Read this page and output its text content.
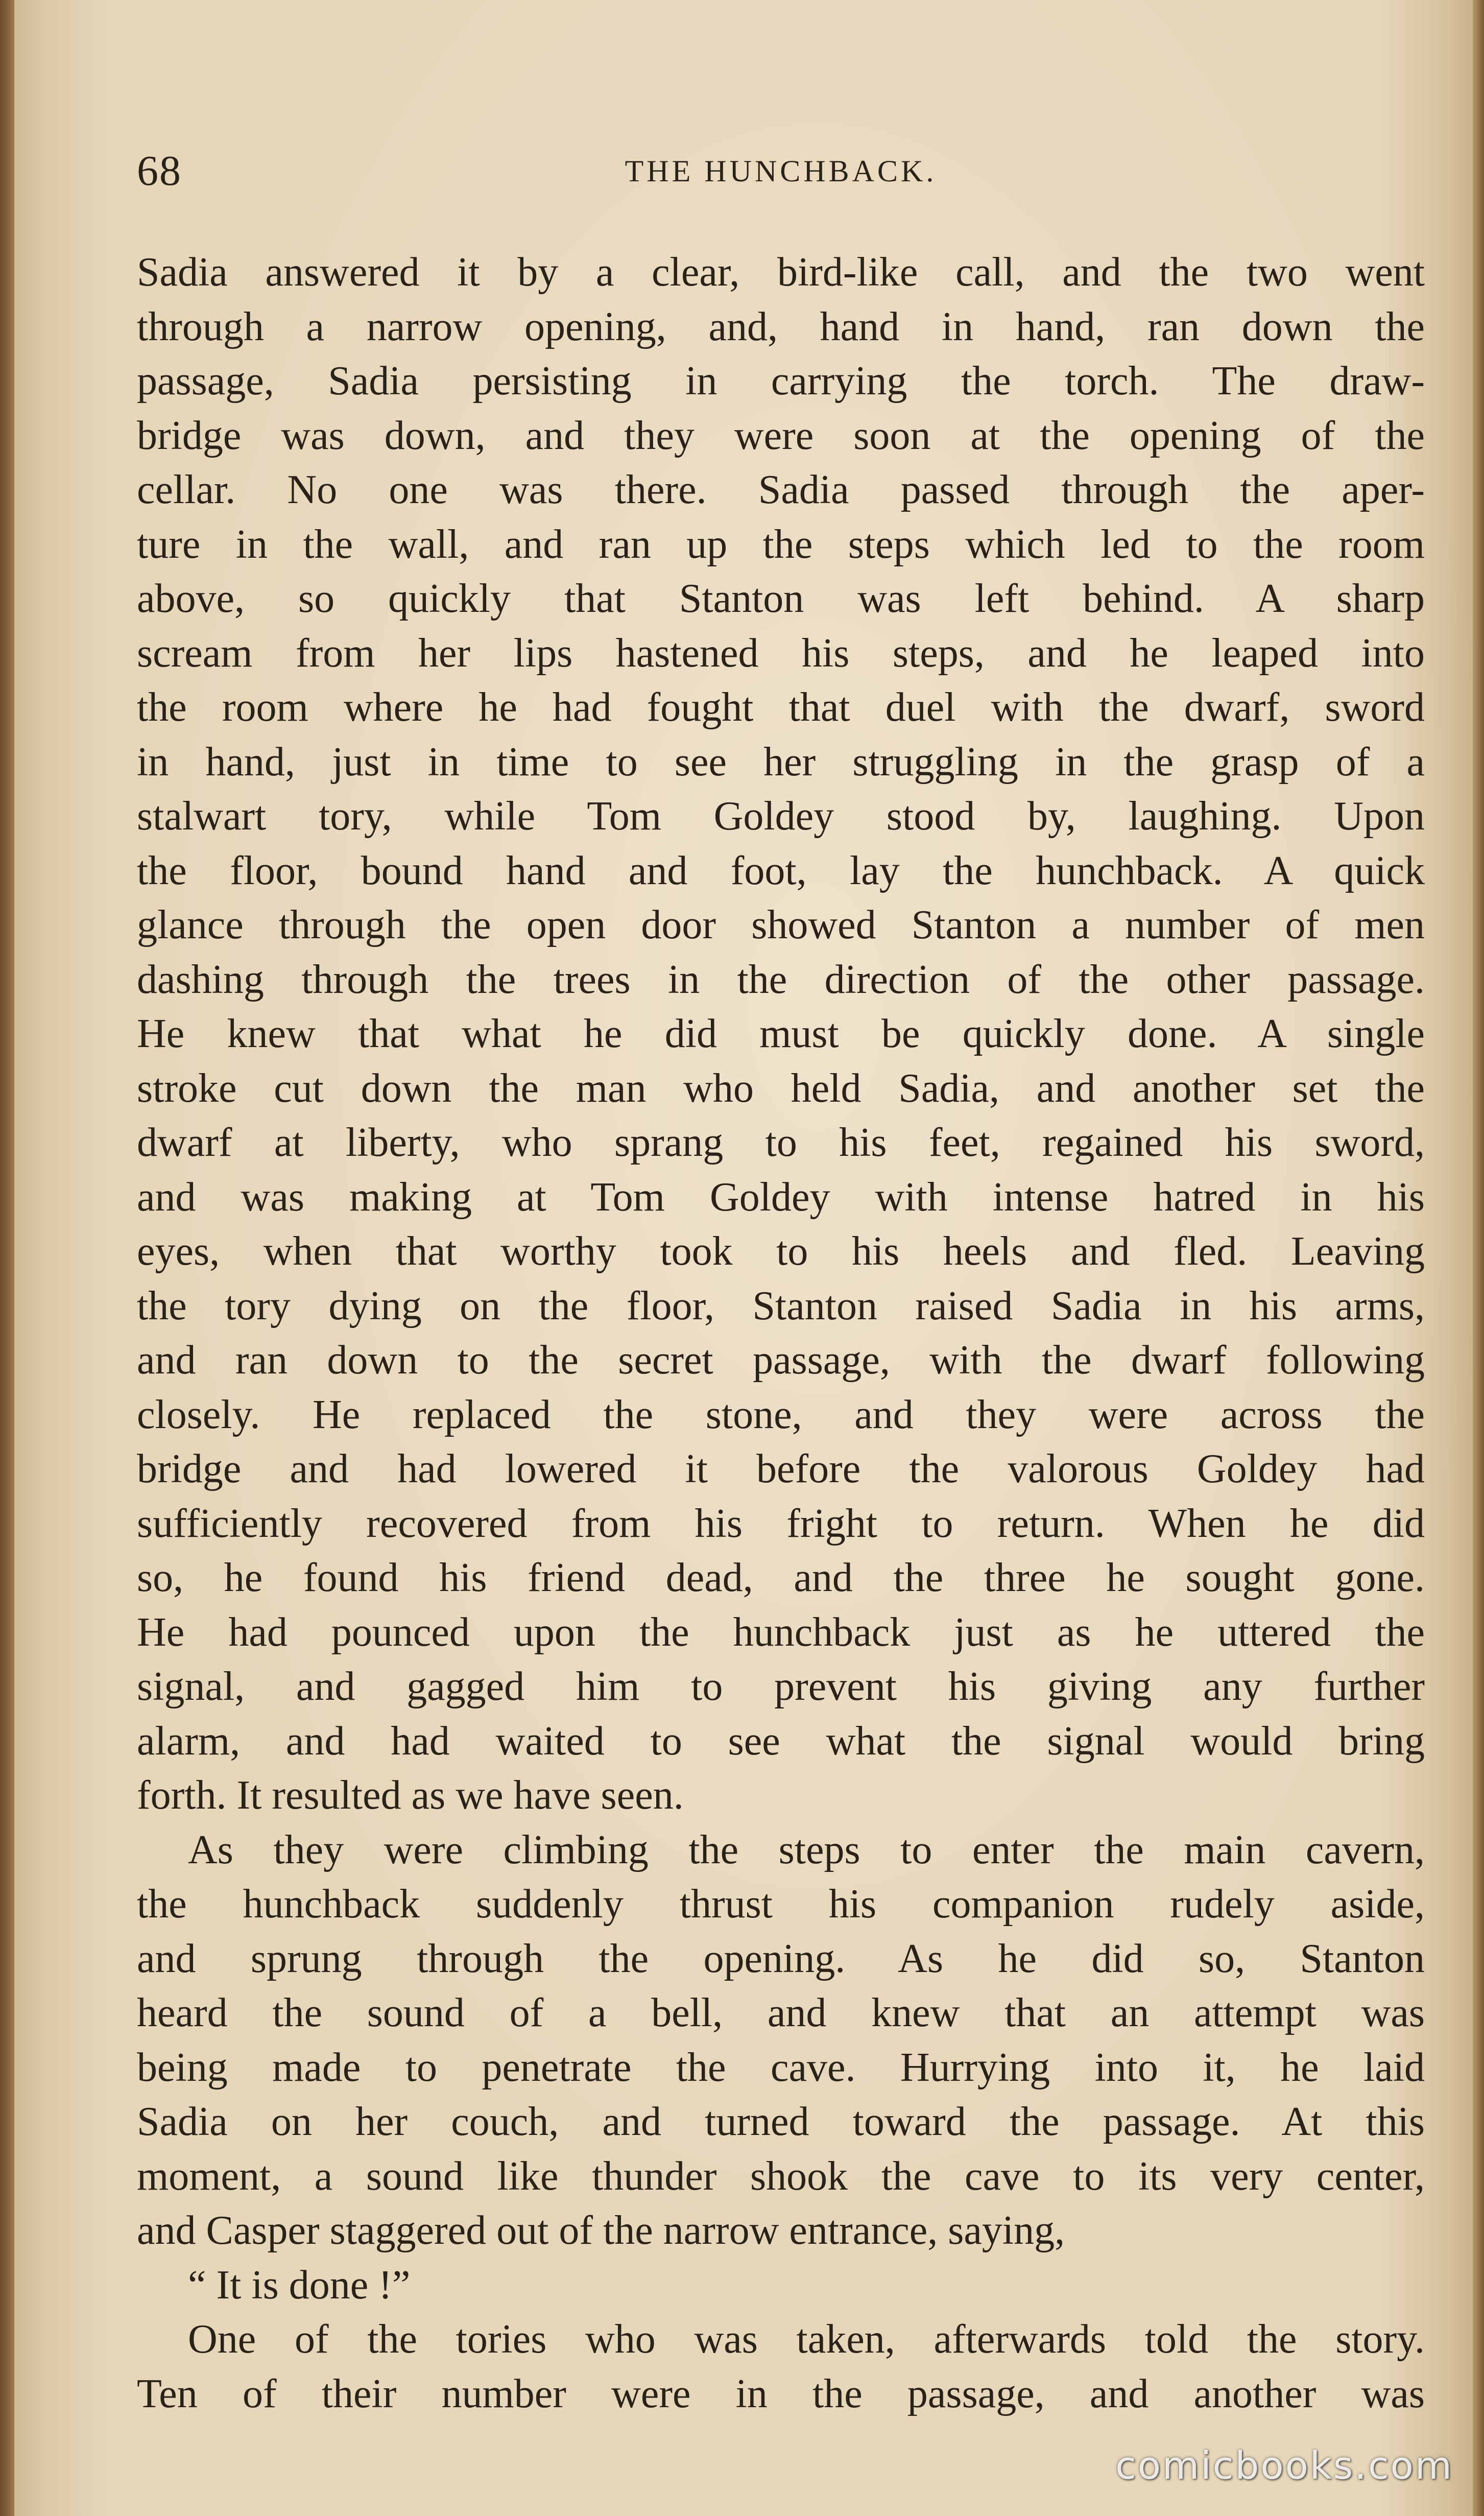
68	THE HUNCHBACK.
Sadia answered it by a clear, bird-like call, and the two went
through a narrow opening, and, hand in hand, ran down the
passage, Sadia persisting in carrying the torch. The draw-
bridge was down, and they were soon at the opening of the
cellar. No one was there. Sadia passed through the aper-
ture in the wall, and ran up the steps which led to the room
above, so quickly that Stanton was left behind. A sharp
scream from her lips hastened his steps, and he leaped into
the room where he had fought that duel with the dwarf, sword
in hand, just in time to see her struggling in the grasp of a
stalwart tory, while Tom Goldey stood by, laughing. Upon
the floor, bound hand and foot, lay the hunchback. A quick
glance through the open door showed Stanton a number of men
dashing through the trees in the direction of the other passage.
He knew that what he did must be quickly done. A single
stroke cut down the man who held Sadia, and another set the
dwarf at liberty, who sprang to his feet, regained his sword,
and was making at Tom Goldey with intense hatred in his
eyes, when that worthy took to his heels and fled. Leaving
the tory dying on the floor, Stanton raised Sadia in his arms,
and ran down to the secret passage, with the dwarf following
closely. He replaced the stone, and they were across the
bridge and had lowered it before the valorous Goldey had
sufficiently recovered from his fright to return. When he did
so, he found his friend dead, and the three he sought gone.
He had pounced upon the hunchback just as he uttered the
signal, and gagged him to prevent his giving any further
alarm, and had waited to see what the signal would bring
forth. It resulted as we have seen.
As they were climbing the steps to enter the main cavern,
the hunchback suddenly thrust his companion rudely aside,
and sprung through the opening. As he did so, Stanton
heard the sound of a bell, and knew that an attempt was
being made to penetrate the cave. Hurrying into it, he laid
Sadia on her couch, and turned toward the passage. At this
moment, a sound like thunder shook the cave to its very center,
and Casper staggered out of the narrow entrance, saying,
“ It is done !”
One of the tories who was taken, afterwards told the story.
Ten of their number were in the passage, and another was
comicbooks.com
